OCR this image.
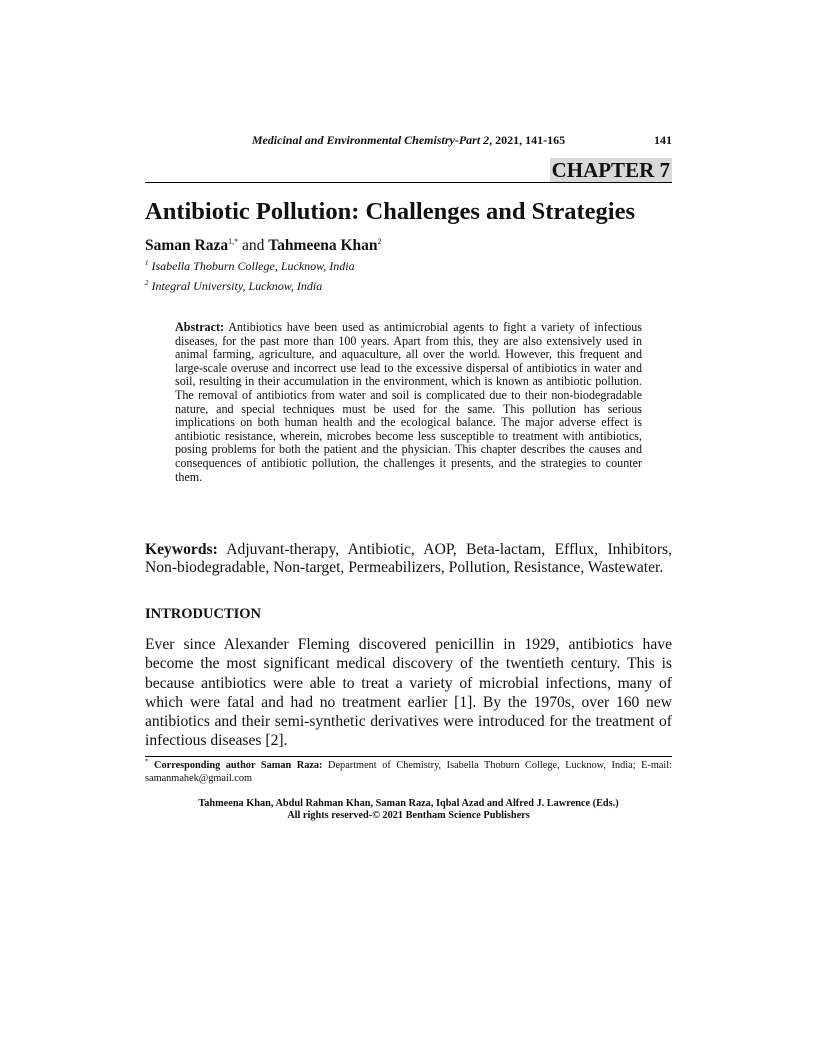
Medicinal and Environmental Chemistry-Part 2, 2021, 141-165	141
CHAPTER 7
Antibiotic Pollution: Challenges and Strategies
Saman Raza$^{1,*}$ and Tahmeena Khan$^2$
$^1$ Isabella Thoburn College, Lucknow, India
$^2$ Integral University, Lucknow, India
Abstract: Antibiotics have been used as antimicrobial agents to fight a variety of infectious diseases, for the past more than 100 years. Apart from this, they are also extensively used in animal farming, agriculture, and aquaculture, all over the world. However, this frequent and large-scale overuse and incorrect use lead to the excessive dispersal of antibiotics in water and soil, resulting in their accumulation in the environment, which is known as antibiotic pollution. The removal of antibiotics from water and soil is complicated due to their non-biodegradable nature, and special techniques must be used for the same. This pollution has serious implications on both human health and the ecological balance. The major adverse effect is antibiotic resistance, wherein, microbes become less susceptible to treatment with antibiotics, posing problems for both the patient and the physician. This chapter describes the causes and consequences of antibiotic pollution, the challenges it presents, and the strategies to counter them.
Keywords: Adjuvant-therapy, Antibiotic, AOP, Beta-lactam, Efflux, Inhibitors, Non-biodegradable, Non-target, Permeabilizers, Pollution, Resistance, Wastewater.
INTRODUCTION
Ever since Alexander Fleming discovered penicillin in 1929, antibiotics have become the most significant medical discovery of the twentieth century. This is because antibiotics were able to treat a variety of microbial infections, many of which were fatal and had no treatment earlier [1]. By the 1970s, over 160 new antibiotics and their semi-synthetic derivatives were introduced for the treatment of infectious diseases [2].
* Corresponding author Saman Raza: Department of Chemistry, Isabella Thoburn College, Lucknow, India; E-mail: samanmahek@gmail.com
Tahmeena Khan, Abdul Rahman Khan, Saman Raza, Iqbal Azad and Alfred J. Lawrence (Eds.)
All rights reserved-© 2021 Bentham Science Publishers
